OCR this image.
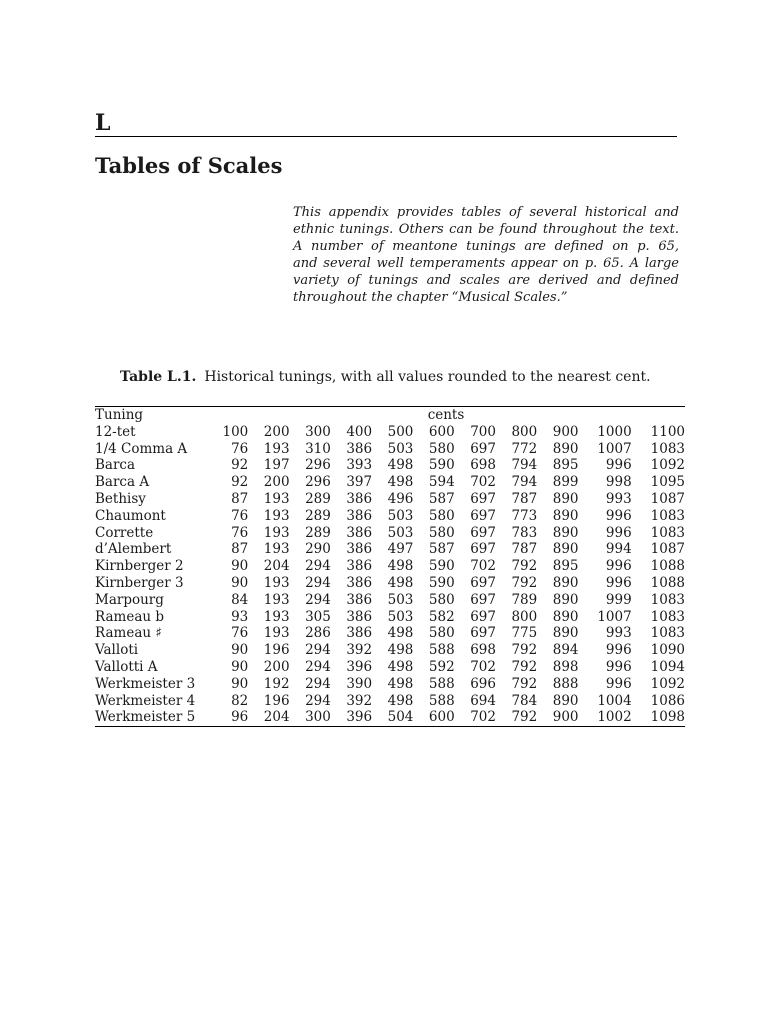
L
Tables of Scales

This appendix provides tables of several historical and
ethnic tunings. Others can be found throughout the text.
A number of meantone tunings are defined on p. 65,
and several well temperaments appear on p. 65. A large
variety of tunings and scales are derived and defined
throughout the chapter “Musical Scales.”

Table L.1. Historical tunings, with all values rounded to the nearest cent.

Tuning	cents										
12-tet	100	200	300	400	500	600	700	800	900	1000	1100
1/4 Comma A	76	193	310	386	503	580	697	772	890	1007	1083
Barca	92	197	296	393	498	590	698	794	895	996	1092
Barca A	92	200	296	397	498	594	702	794	899	998	1095
Bethisy	87	193	289	386	496	587	697	787	890	993	1087
Chaumont	76	193	289	386	503	580	697	773	890	996	1083
Corrette	76	193	289	386	503	580	697	783	890	996	1083
d’Alembert	87	193	290	386	497	587	697	787	890	994	1087
Kirnberger 2	90	204	294	386	498	590	702	792	895	996	1088
Kirnberger 3	90	193	294	386	498	590	697	792	890	996	1088
Marpourg	84	193	294	386	503	580	697	789	890	999	1083
Rameau b	93	193	305	386	503	582	697	800	890	1007	1083
Rameau ♯	76	193	286	386	498	580	697	775	890	993	1083
Valloti	90	196	294	392	498	588	698	792	894	996	1090
Vallotti A	90	200	294	396	498	592	702	792	898	996	1094
Werkmeister 3	90	192	294	390	498	588	696	792	888	996	1092
Werkmeister 4	82	196	294	392	498	588	694	784	890	1004	1086
Werkmeister 5	96	204	300	396	504	600	702	792	900	1002	1098
